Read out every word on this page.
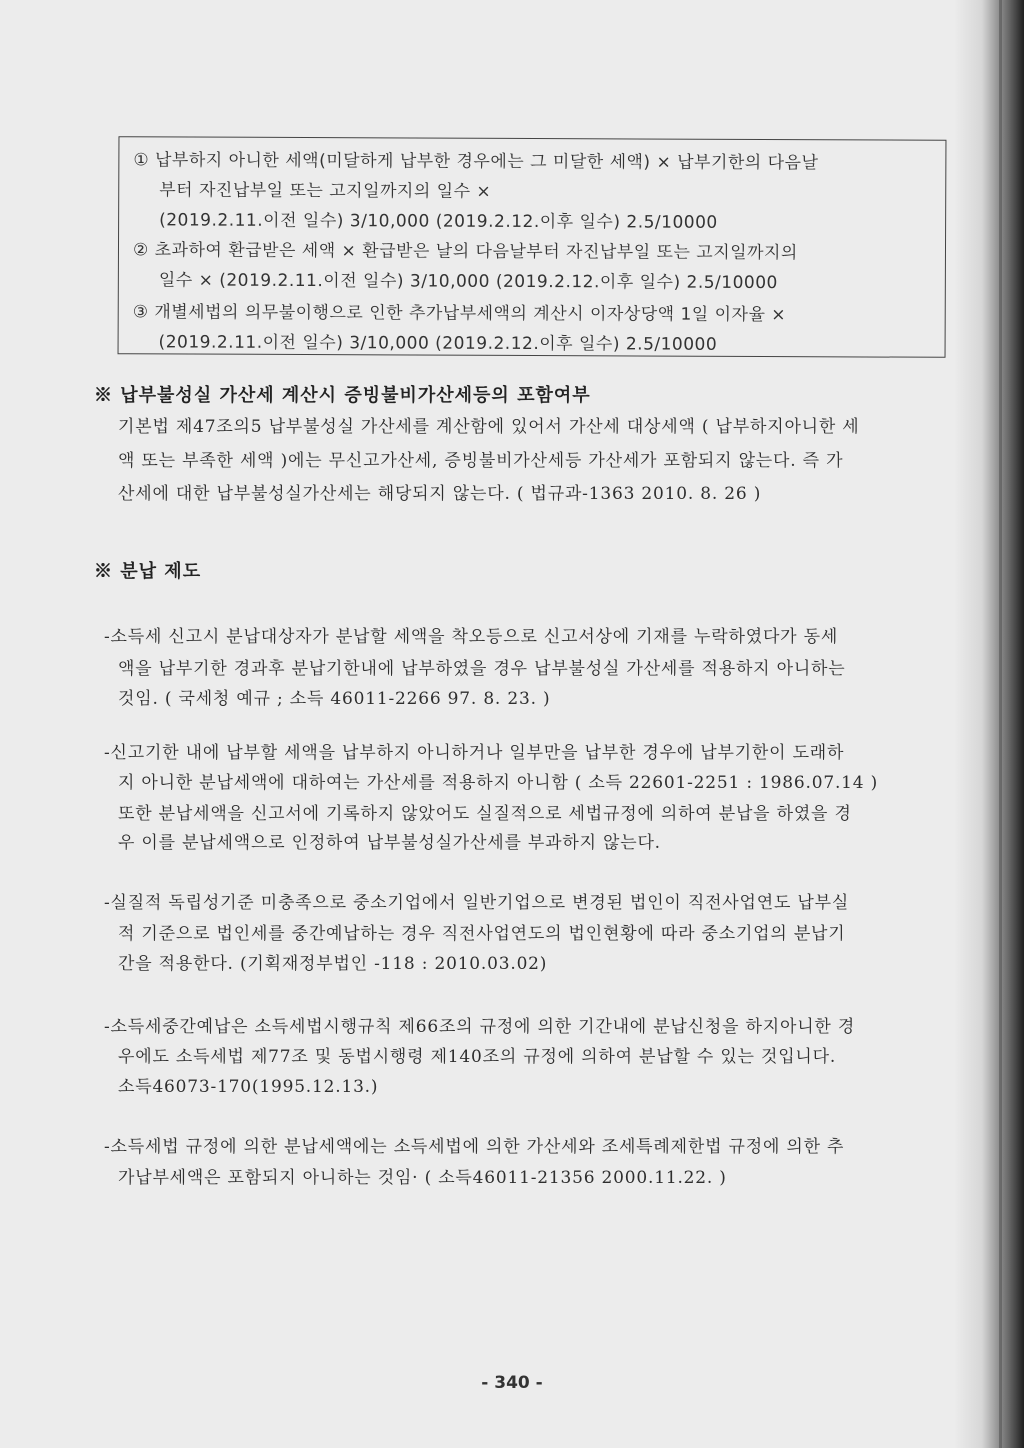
① 납부하지 아니한 세액(미달하게 납부한 경우에는 그 미달한 세액) × 납부기한의 다음날
부터 자진납부일 또는 고지일까지의 일수 ×
(2019.2.11.이전 일수) 3/10,000 (2019.2.12.이후 일수) 2.5/10000
② 초과하여 환급받은 세액 × 환급받은 날의 다음날부터 자진납부일 또는 고지일까지의
일수 × (2019.2.11.이전 일수) 3/10,000 (2019.2.12.이후 일수) 2.5/10000
③ 개별세법의 의무불이행으로 인한 추가납부세액의 계산시 이자상당액 1일 이자율 ×
(2019.2.11.이전 일수) 3/10,000 (2019.2.12.이후 일수) 2.5/10000
※ 납부불성실 가산세 계산시 증빙불비가산세등의 포함여부
기본법 제47조의5 납부불성실 가산세를 계산함에 있어서 가산세 대상세액 ( 납부하지아니한 세
액 또는 부족한 세액 )에는 무신고가산세, 증빙불비가산세등 가산세가 포함되지 않는다. 즉 가
산세에 대한 납부불성실가산세는 해당되지 않는다. ( 법규과-1363 2010. 8. 26 )
※ 분납 제도
-소득세 신고시 분납대상자가 분납할 세액을 착오등으로 신고서상에 기재를 누락하였다가 동세
액을 납부기한 경과후 분납기한내에 납부하였을 경우 납부불성실 가산세를 적용하지 아니하는
것임. ( 국세청 예규 ; 소득 46011-2266 97. 8. 23. )
-신고기한 내에 납부할 세액을 납부하지 아니하거나 일부만을 납부한 경우에 납부기한이 도래하
지 아니한 분납세액에 대하여는 가산세를 적용하지 아니함 ( 소득 22601-2251 : 1986.07.14 )
또한 분납세액을 신고서에 기록하지 않았어도 실질적으로 세법규정에 의하여 분납을 하였을 경
우 이를 분납세액으로 인정하여 납부불성실가산세를 부과하지 않는다.
-실질적 독립성기준 미충족으로 중소기업에서 일반기업으로 변경된 법인이 직전사업연도 납부실
적 기준으로 법인세를 중간예납하는 경우 직전사업연도의 법인현황에 따라 중소기업의 분납기
간을 적용한다. (기획재정부법인 -118 : 2010.03.02)
-소득세중간예납은 소득세법시행규칙 제66조의 규정에 의한 기간내에 분납신청을 하지아니한 경
우에도 소득세법 제77조 및 동법시행령 제140조의 규정에 의하여 분납할 수 있는 것입니다.
소득46073-170(1995.12.13.)
-소득세법 규정에 의한 분납세액에는 소득세법에 의한 가산세와 조세특례제한법 규정에 의한 추
가납부세액은 포함되지 아니하는 것임· ( 소득46011-21356 2000.11.22. )
- 340 -
